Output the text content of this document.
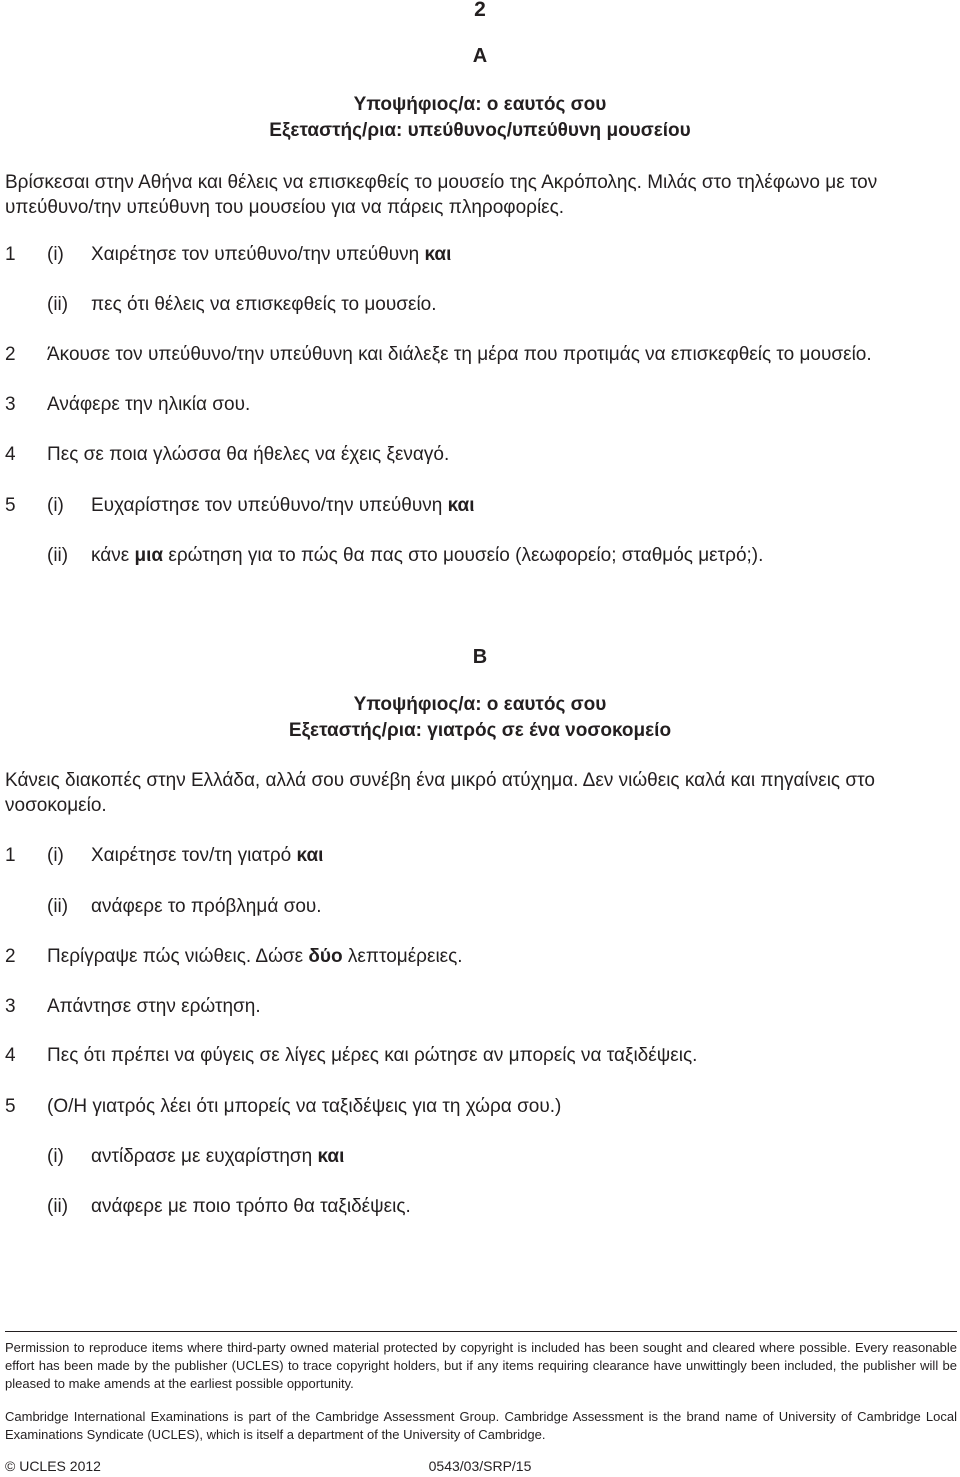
2
A
Υποψήφιος/α: ο εαυτός σου
Εξεταστής/ρια: υπεύθυνος/υπεύθυνη μουσείου
Βρίσκεσαι στην Αθήνα και θέλεις να επισκεφθείς το μουσείο της Ακρόπολης. Μιλάς στο τηλέφωνο με τον υπεύθυνο/την υπεύθυνη του μουσείου για να πάρεις πληροφορίες.
1 (i) Χαιρέτησε τον υπεύθυνο/την υπεύθυνη και
(ii) πες ότι θέλεις να επισκεφθείς το μουσείο.
2 Άκουσε τον υπεύθυνο/την υπεύθυνη και διάλεξε τη μέρα που προτιμάς να επισκεφθείς το μουσείο.
3 Ανάφερε την ηλικία σου.
4 Πες σε ποια γλώσσα θα ήθελες να έχεις ξεναγό.
5 (i) Ευχαρίστησε τον υπεύθυνο/την υπεύθυνη και
(ii) κάνε μια ερώτηση για το πώς θα πας στο μουσείο (λεωφορείο; σταθμός μετρό;).
B
Υποψήφιος/α: ο εαυτός σου
Εξεταστής/ρια: γιατρός σε ένα νοσοκομείο
Κάνεις διακοπές στην Ελλάδα, αλλά σου συνέβη ένα μικρό ατύχημα. Δεν νιώθεις καλά και πηγαίνεις στο νοσοκομείο.
1 (i) Χαιρέτησε τον/τη γιατρό και
(ii) ανάφερε το πρόβλημά σου.
2 Περίγραψε πώς νιώθεις. Δώσε δύο λεπτομέρειες.
3 Απάντησε στην ερώτηση.
4 Πες ότι πρέπει να φύγεις σε λίγες μέρες και ρώτησε αν μπορείς να ταξιδέψεις.
5 (Ο/Η γιατρός λέει ότι μπορείς να ταξιδέψεις για τη χώρα σου.)
(i) αντίδρασε με ευχαρίστηση και
(ii) ανάφερε με ποιο τρόπο θα ταξιδέψεις.
Permission to reproduce items where third-party owned material protected by copyright is included has been sought and cleared where possible. Every reasonable effort has been made by the publisher (UCLES) to trace copyright holders, but if any items requiring clearance have unwittingly been included, the publisher will be pleased to make amends at the earliest possible opportunity.
Cambridge International Examinations is part of the Cambridge Assessment Group. Cambridge Assessment is the brand name of University of Cambridge Local Examinations Syndicate (UCLES), which is itself a department of the University of Cambridge.
© UCLES 2012	0543/03/SRP/15
